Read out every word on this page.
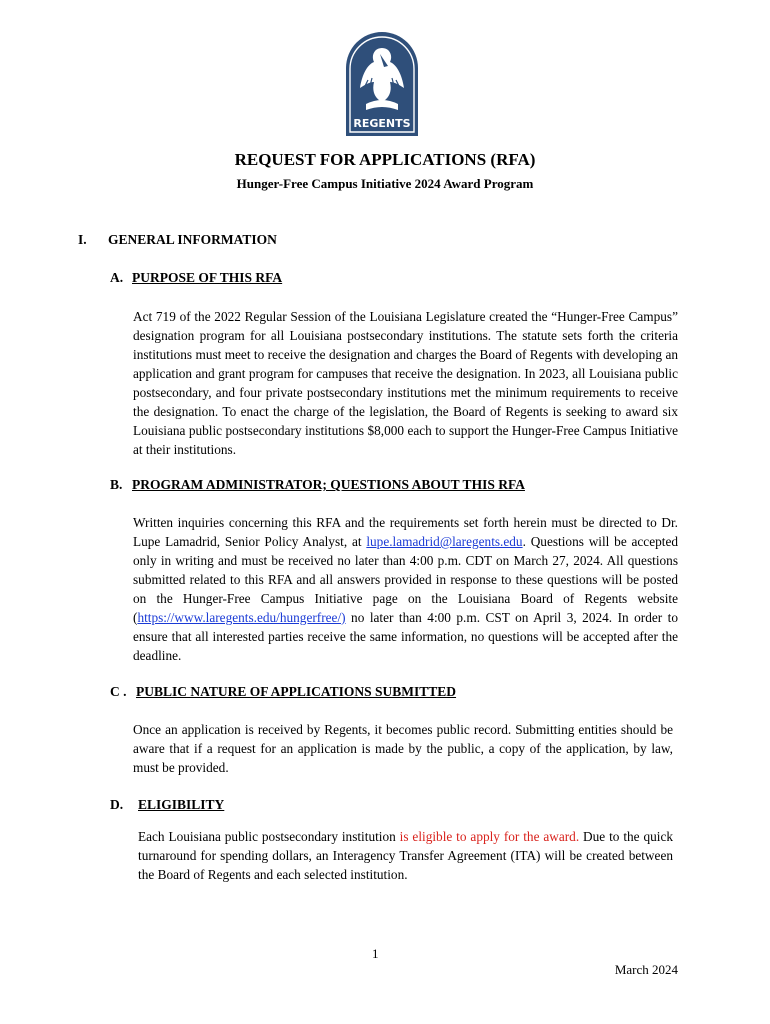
REGENTS
REQUEST FOR APPLICATIONS (RFA)
Hunger-Free Campus Initiative 2024 Award Program
I. GENERAL INFORMATION
A. PURPOSE OF THIS RFA

Act 719 of the 2022 Regular Session of the Louisiana Legislature created the “Hunger-Free Campus” designation program for all Louisiana postsecondary institutions. The statute sets forth the criteria institutions must meet to receive the designation and charges the Board of Regents with developing an application and grant program for campuses that receive the designation. In 2023, all Louisiana public postsecondary, and four private postsecondary institutions met the minimum requirements to receive the designation. To enact the charge of the legislation, the Board of Regents is seeking to award six Louisiana public postsecondary institutions $8,000 each to support the Hunger-Free Campus Initiative at their institutions.

B. PROGRAM ADMINISTRATOR; QUESTIONS ABOUT THIS RFA

Written inquiries concerning this RFA and the requirements set forth herein must be directed to Dr. Lupe Lamadrid, Senior Policy Analyst, at lupe.lamadrid@laregents.edu. Questions will be accepted only in writing and must be received no later than 4:00 p.m. CDT on March 27, 2024. All questions submitted related to this RFA and all answers provided in response to these questions will be posted on the Hunger-Free Campus Initiative page on the Louisiana Board of Regents website (https://www.laregents.edu/hungerfree/) no later than 4:00 p.m. CST on April 3, 2024. In order to ensure that all interested parties receive the same information, no questions will be accepted after the deadline.

C . PUBLIC NATURE OF APPLICATIONS SUBMITTED

Once an application is received by Regents, it becomes public record. Submitting entities should be aware that if a request for an application is made by the public, a copy of the application, by law, must be provided.

D. ELIGIBILITY

Each Louisiana public postsecondary institution is eligible to apply for the award. Due to the quick turnaround for spending dollars, an Interagency Transfer Agreement (ITA) will be created between the Board of Regents and each selected institution.

1
March 2024
